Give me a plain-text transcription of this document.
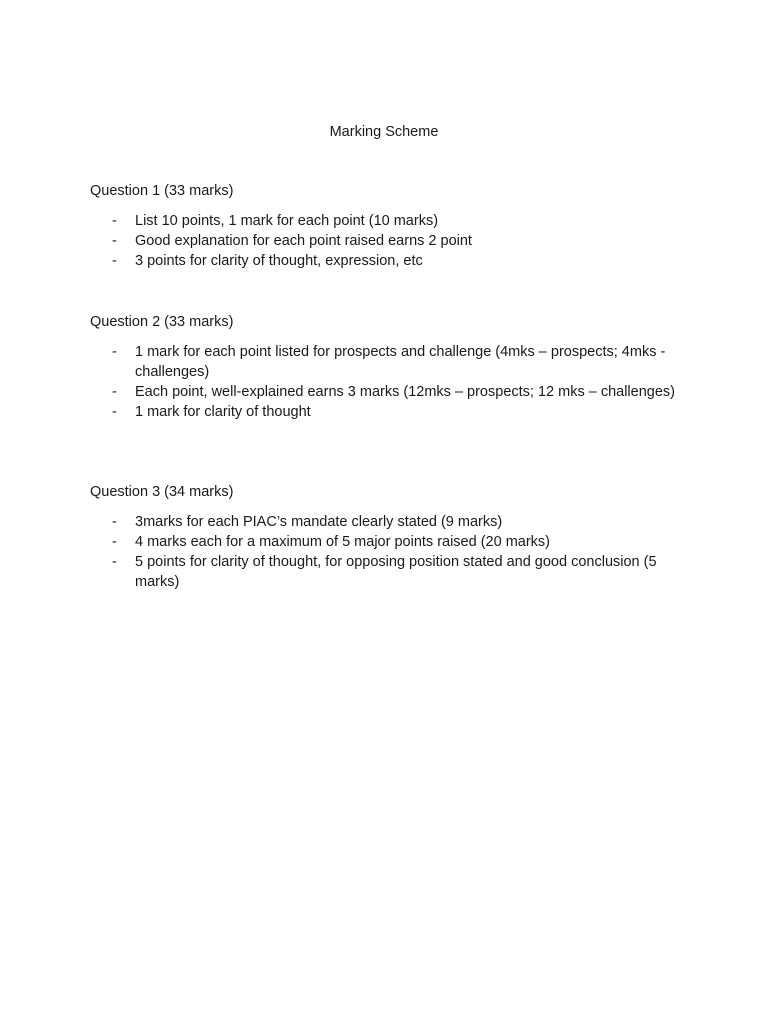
Marking Scheme
Question 1 (33 marks)
- List 10 points, 1 mark for each point (10 marks)
- Good explanation for each point raised earns 2 point
- 3 points for clarity of thought, expression, etc
Question 2 (33 marks)
- 1 mark for each point listed for prospects and challenge (4mks – prospects; 4mks - challenges)
- Each point, well-explained earns 3 marks (12mks – prospects; 12 mks – challenges)
- 1 mark for clarity of thought
Question 3 (34 marks)
- 3marks for each PIAC’s mandate clearly stated (9 marks)
- 4 marks each for a maximum of 5 major points raised (20 marks)
- 5 points for clarity of thought, for opposing position stated and good conclusion (5 marks)
